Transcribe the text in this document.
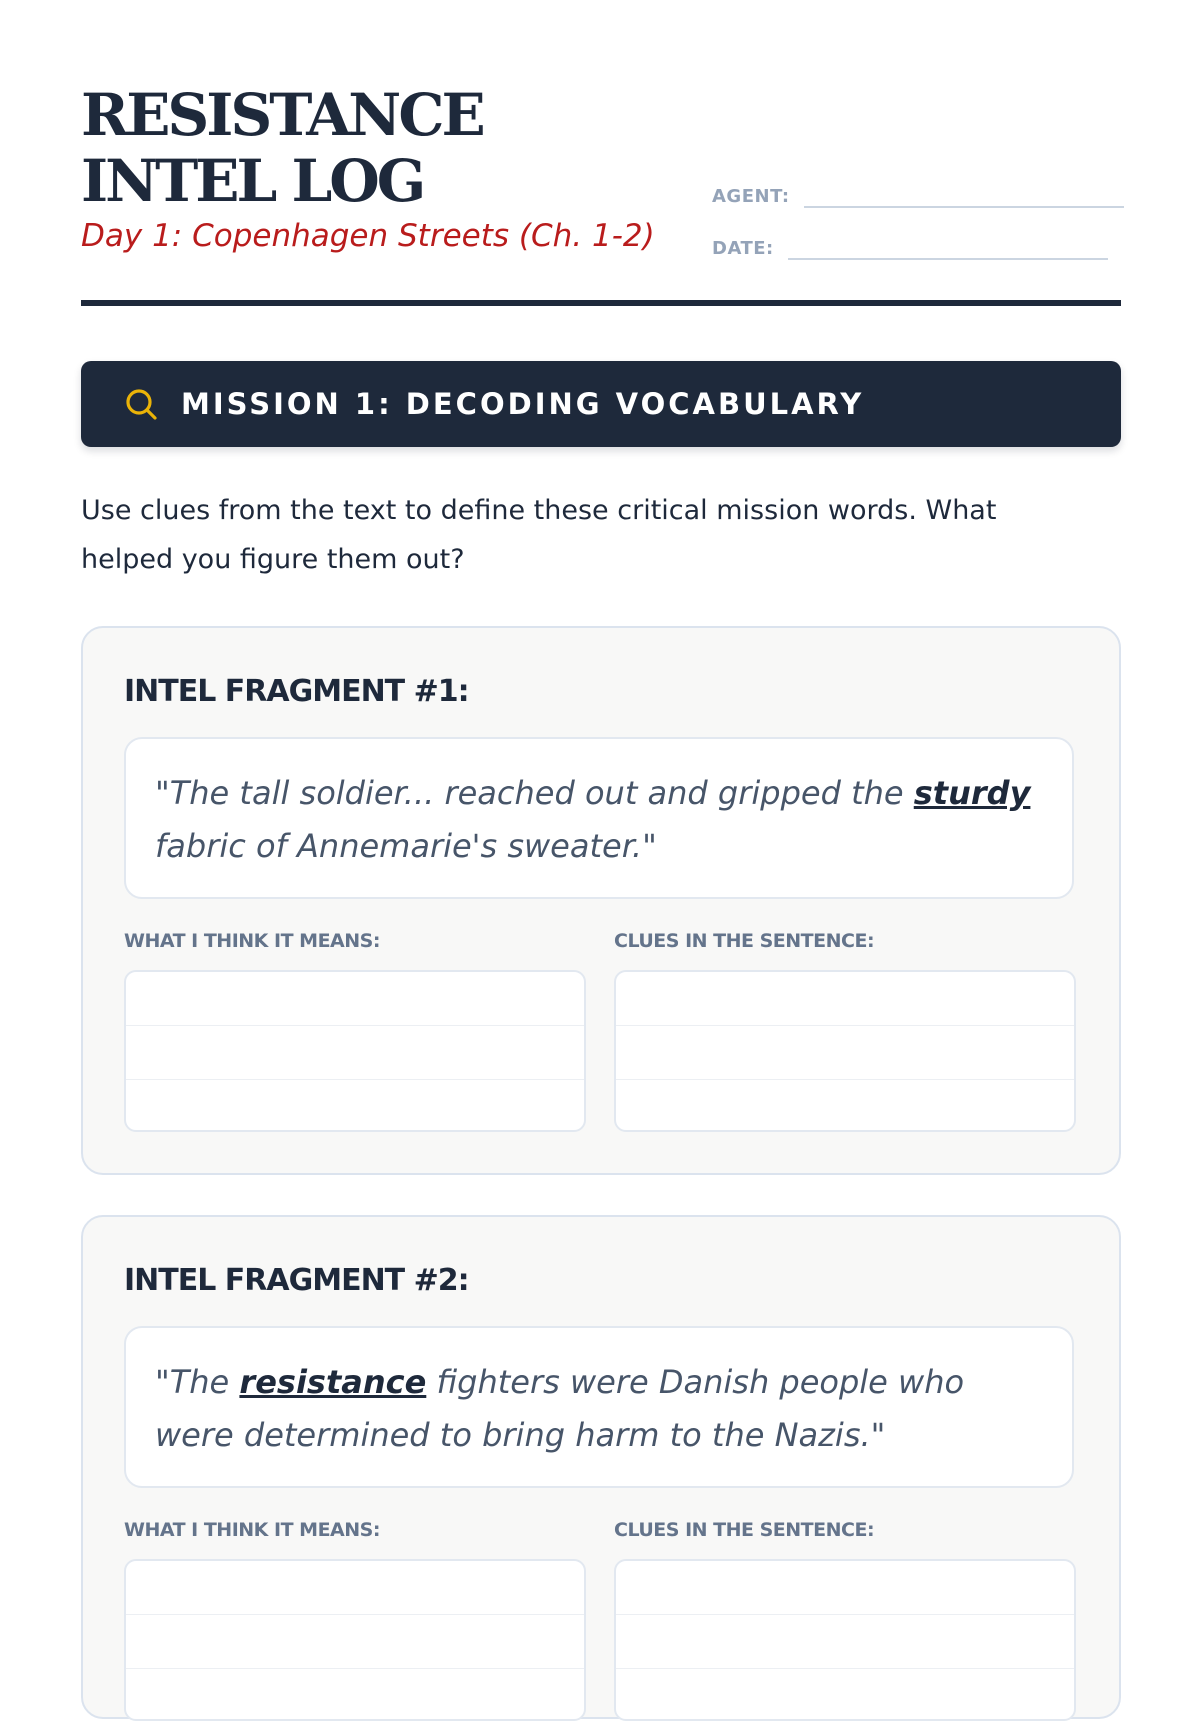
RESISTANCE INTEL LOG

Day 1: Copenhagen Streets (Ch. 1-2)

AGENT:
DATE:
MISSION 1: DECODING VOCABULARY

Use clues from the text to define these critical mission words. What helped you figure them out?

INTEL FRAGMENT #1:
"The tall soldier... reached out and gripped the sturdy fabric of Annemarie's sweater."
WHAT I THINK IT MEANS:	CLUES IN THE SENTENCE:
INTEL FRAGMENT #2:
"The resistance fighters were Danish people who were determined to bring harm to the Nazis."
WHAT I THINK IT MEANS:	CLUES IN THE SENTENCE:
